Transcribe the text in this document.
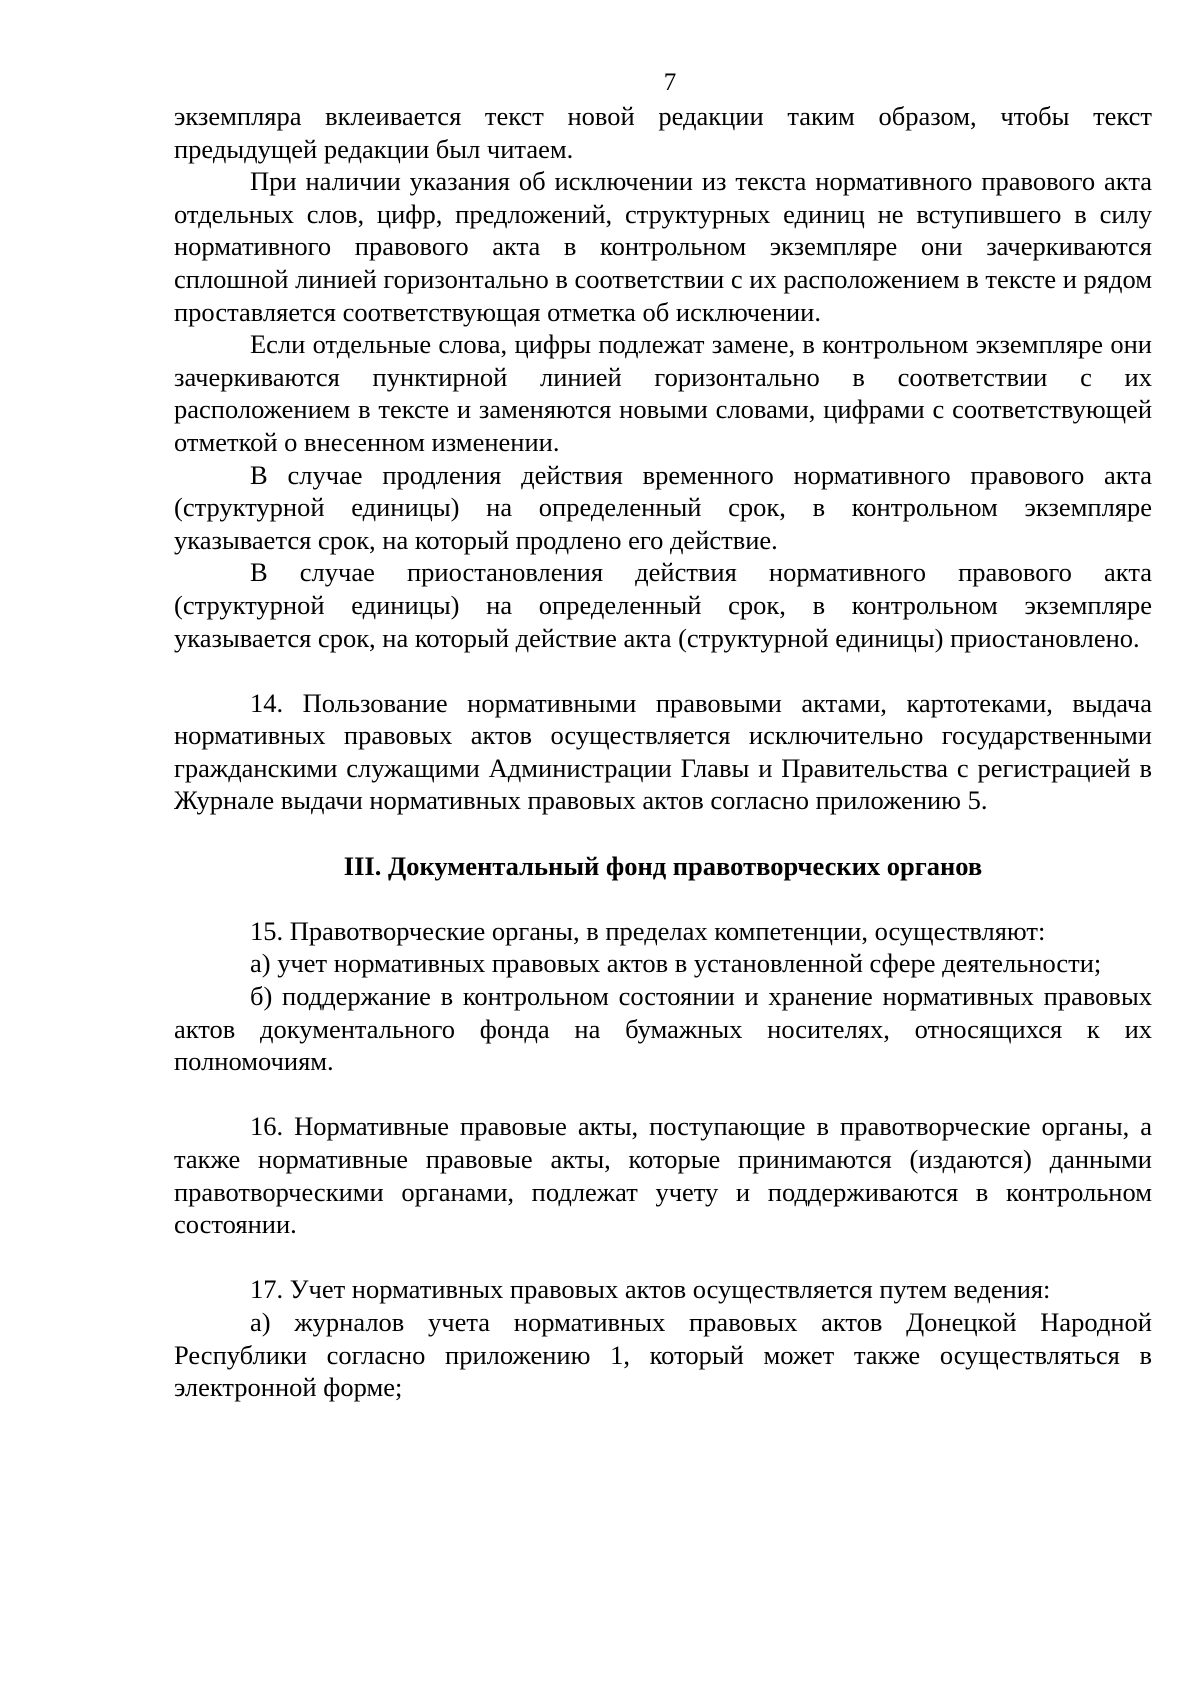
7

экземпляра вклеивается текст новой редакции таким образом, чтобы текст предыдущей редакции был читаем.

При наличии указания об исключении из текста нормативного правового акта отдельных слов, цифр, предложений, структурных единиц не вступившего в силу нормативного правового акта в контрольном экземпляре они зачеркиваются сплошной линией горизонтально в соответствии с их расположением в тексте и рядом проставляется соответствующая отметка об исключении.

Если отдельные слова, цифры подлежат замене, в контрольном экземпляре они зачеркиваются пунктирной линией горизонтально в соответствии с их расположением в тексте и заменяются новыми словами, цифрами с соответствующей отметкой о внесенном изменении.

В случае продления действия временного нормативного правового акта (структурной единицы) на определенный срок, в контрольном экземпляре указывается срок, на который продлено его действие.

В случае приостановления действия нормативного правового акта (структурной единицы) на определенный срок, в контрольном экземпляре указывается срок, на который действие акта (структурной единицы) приостановлено.

14. Пользование нормативными правовыми актами, картотеками, выдача нормативных правовых актов осуществляется исключительно государственными гражданскими служащими Администрации Главы и Правительства с регистрацией в Журнале выдачи нормативных правовых актов согласно приложению 5.

III. Документальный фонд правотворческих органов

15. Правотворческие органы, в пределах компетенции, осуществляют:

а) учет нормативных правовых актов в установленной сфере деятельности;

б) поддержание в контрольном состоянии и хранение нормативных правовых актов документального фонда на бумажных носителях, относящихся к их полномочиям.

16. Нормативные правовые акты, поступающие в правотворческие органы, а также нормативные правовые акты, которые принимаются (издаются) данными правотворческими органами, подлежат учету и поддерживаются в контрольном состоянии.

17. Учет нормативных правовых актов осуществляется путем ведения:

а) журналов учета нормативных правовых актов Донецкой Народной Республики согласно приложению 1, который может также осуществляться в электронной форме;
